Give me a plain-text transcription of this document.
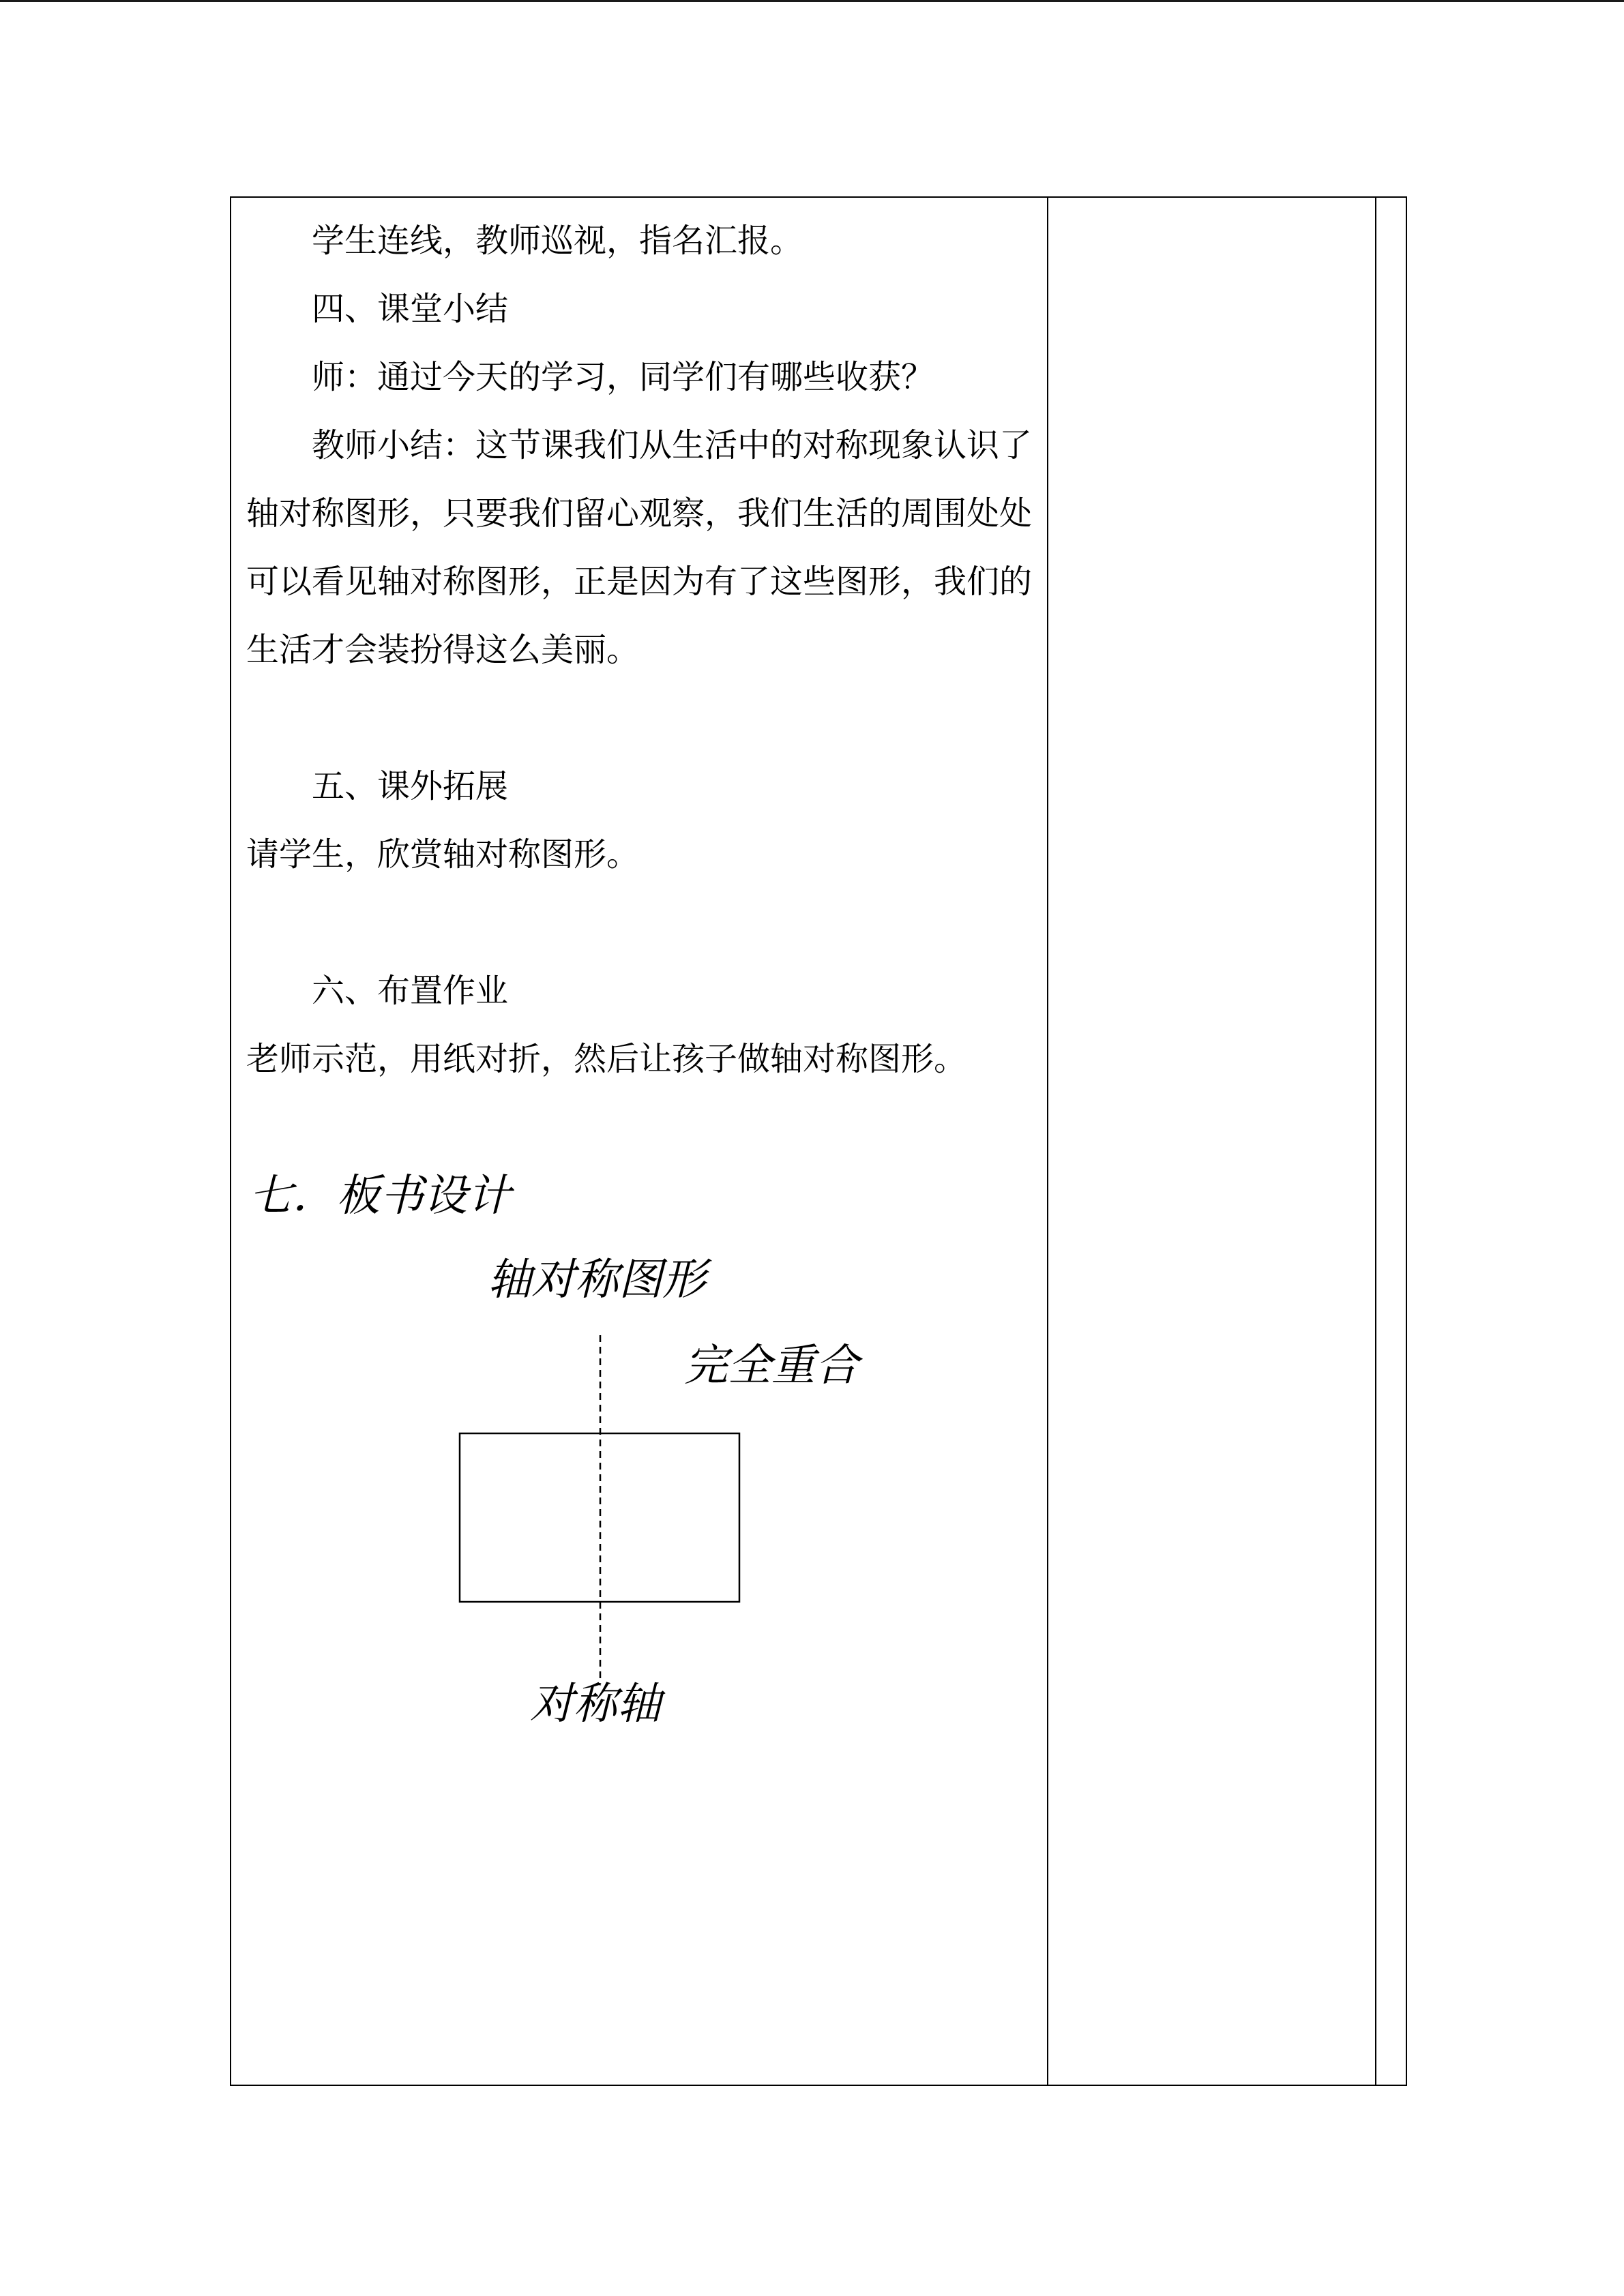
学生连线，教师巡视，指名汇报。

四、课堂小结

师：通过今天的学习，同学们有哪些收获？

教师小结：这节课我们从生活中的对称现象认识了

轴对称图形，只要我们留心观察，我们生活的周围处处

可以看见轴对称图形，正是因为有了这些图形，我们的

生活才会装扮得这么美丽。

五、课外拓展

请学生，欣赏轴对称图形。

六、布置作业

老师示范，用纸对折，然后让孩子做轴对称图形。

七．板书设计
轴对称图形
完全重合
对称轴
